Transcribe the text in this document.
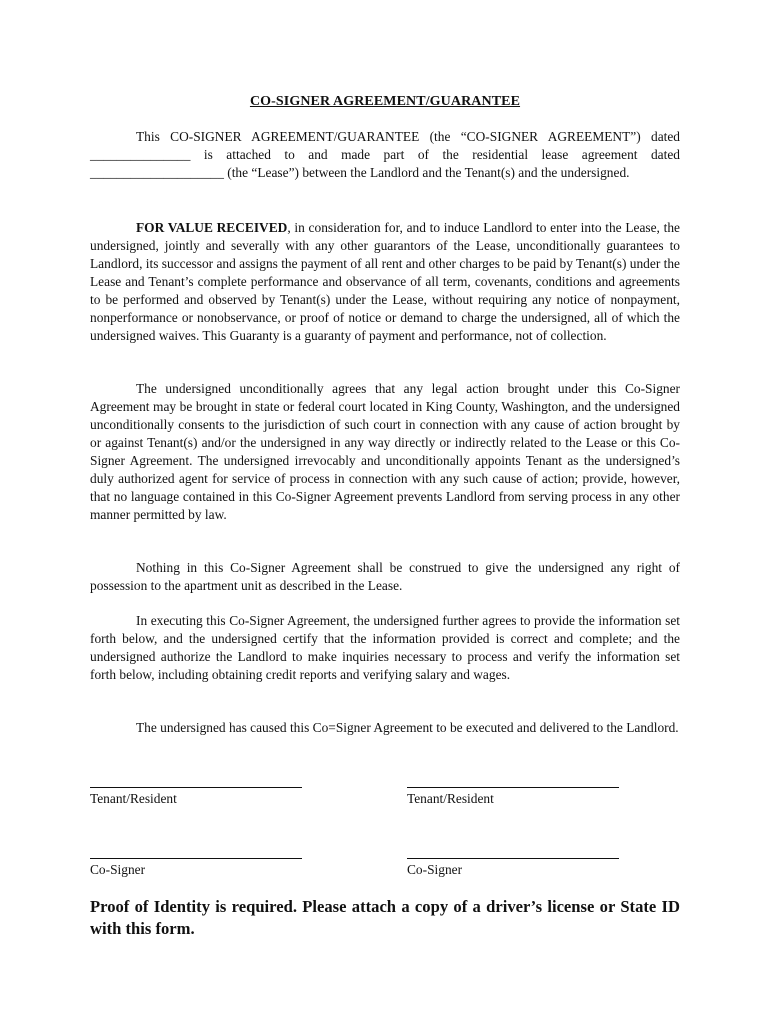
CO-SIGNER AGREEMENT/GUARANTEE

This CO-SIGNER AGREEMENT/GUARANTEE (the “CO-SIGNER AGREEMENT”) dated _______________ is attached to and made part of the residential lease agreement dated ____________________ (the “Lease”) between the Landlord and the Tenant(s) and the undersigned.

FOR VALUE RECEIVED, in consideration for, and to induce Landlord to enter into the Lease, the undersigned, jointly and severally with any other guarantors of the Lease, unconditionally guarantees to Landlord, its successor and assigns the payment of all rent and other charges to be paid by Tenant(s) under the Lease and Tenant’s complete performance and observance of all term, covenants, conditions and agreements to be performed and observed by Tenant(s) under the Lease, without requiring any notice of nonpayment, nonperformance or nonobservance, or proof of notice or demand to charge the undersigned, all of which the undersigned waives. This Guaranty is a guaranty of payment and performance, not of collection.

The undersigned unconditionally agrees that any legal action brought under this Co-Signer Agreement may be brought in state or federal court located in King County, Washington, and the undersigned unconditionally consents to the jurisdiction of such court in connection with any cause of action brought by or against Tenant(s) and/or the undersigned in any way directly or indirectly related to the Lease or this Co-Signer Agreement. The undersigned irrevocably and unconditionally appoints Tenant as the undersigned’s duly authorized agent for service of process in connection with any such cause of action; provide, however, that no language contained in this Co-Signer Agreement prevents Landlord from serving process in any other manner permitted by law.

Nothing in this Co-Signer Agreement shall be construed to give the undersigned any right of possession to the apartment unit as described in the Lease.

In executing this Co-Signer Agreement, the undersigned further agrees to provide the information set forth below, and the undersigned certify that the information provided is correct and complete; and the undersigned authorize the Landlord to make inquiries necessary to process and verify the information set forth below, including obtaining credit reports and verifying salary and wages.

The undersigned has caused this Co=Signer Agreement to be executed and delivered to the Landlord.

Tenant/Resident	Tenant/Resident
Co-Signer	Co-Signer

Proof of Identity is required. Please attach a copy of a driver’s license or State ID with this form.
